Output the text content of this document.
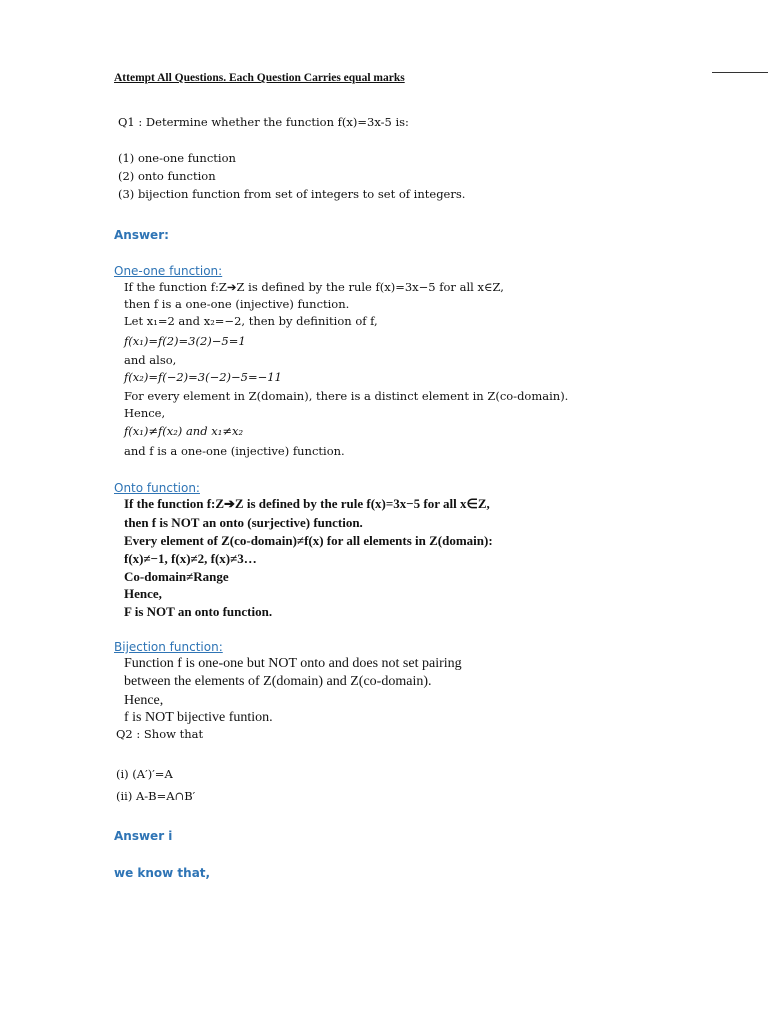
Attempt All Questions. Each Question Carries equal marks

Q1 : Determine whether the function f(x)=3x-5 is:

(1) one-one function

(2) onto function

(3) bijection function from set of integers to set of integers.

Answer:

One-one function:

If the function f:Z➔Z is defined by the rule f(x)=3x−5 for all x∈Z,

then f is a one-one (injective) function.

Let x₁=2 and x₂=−2, then by definition of f,

f(x₁)=f(2)=3(2)−5=1

and also,

f(x₂)=f(−2)=3(−2)−5=−11

For every element in Z(domain), there is a distinct element in Z(co-domain).

Hence,

f(x₁)≠f(x₂) and x₁≠x₂

and f is a one-one (injective) function.

Onto function:

If the function f:Z➔Z is defined by the rule f(x)=3x−5 for all x∈Z,

then f is NOT an onto (surjective) function.

Every element of Z(co-domain)≠f(x) for all elements in Z(domain):

f(x)≠−1, f(x)≠2, f(x)≠3…

Co-domain≠Range

Hence,

F is NOT an onto function.

Bijection function:

Function f is one-one but NOT onto and does not set pairing

between the elements of Z(domain) and Z(co-domain).

Hence,

f is NOT bijective funtion.

Q2 : Show that

(i) (A′)′=A

(ii) A-B=A∩B′

Answer i

we know that,
